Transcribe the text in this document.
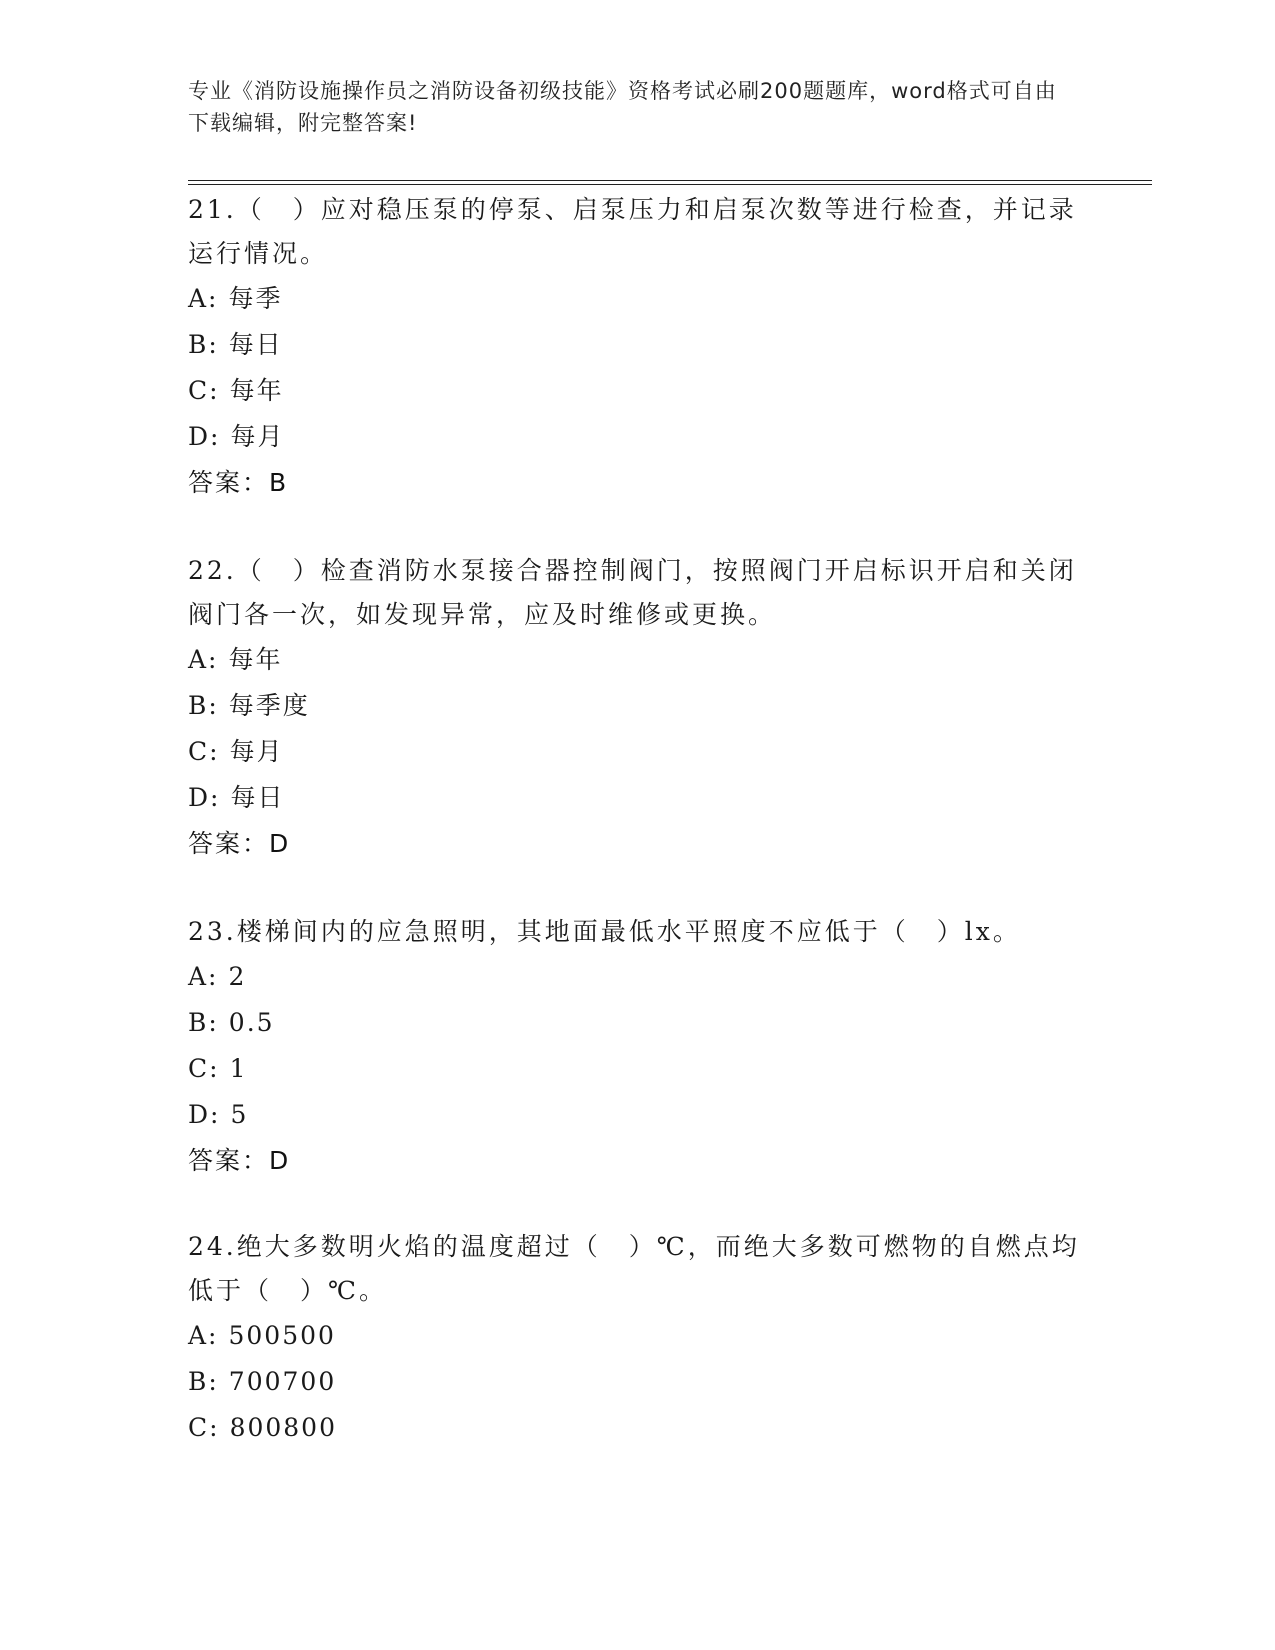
专业《消防设施操作员之消防设备初级技能》资格考试必刷200题题库，word格式可自由下载编辑，附完整答案!

21.（　）应对稳压泵的停泵、启泵压力和启泵次数等进行检查，并记录运行情况。

A: 每季

B: 每日

C: 每年

D: 每月

答案：B

22.（　）检查消防水泵接合器控制阀门，按照阀门开启标识开启和关闭阀门各一次，如发现异常，应及时维修或更换。

A: 每年

B: 每季度

C: 每月

D: 每日

答案：D

23.楼梯间内的应急照明，其地面最低水平照度不应低于（　）lx。

A: 2

B: 0.5

C: 1

D: 5

答案：D

24.绝大多数明火焰的温度超过（　）℃，而绝大多数可燃物的自燃点均低于（　）℃。

A: 500500

B: 700700

C: 800800
